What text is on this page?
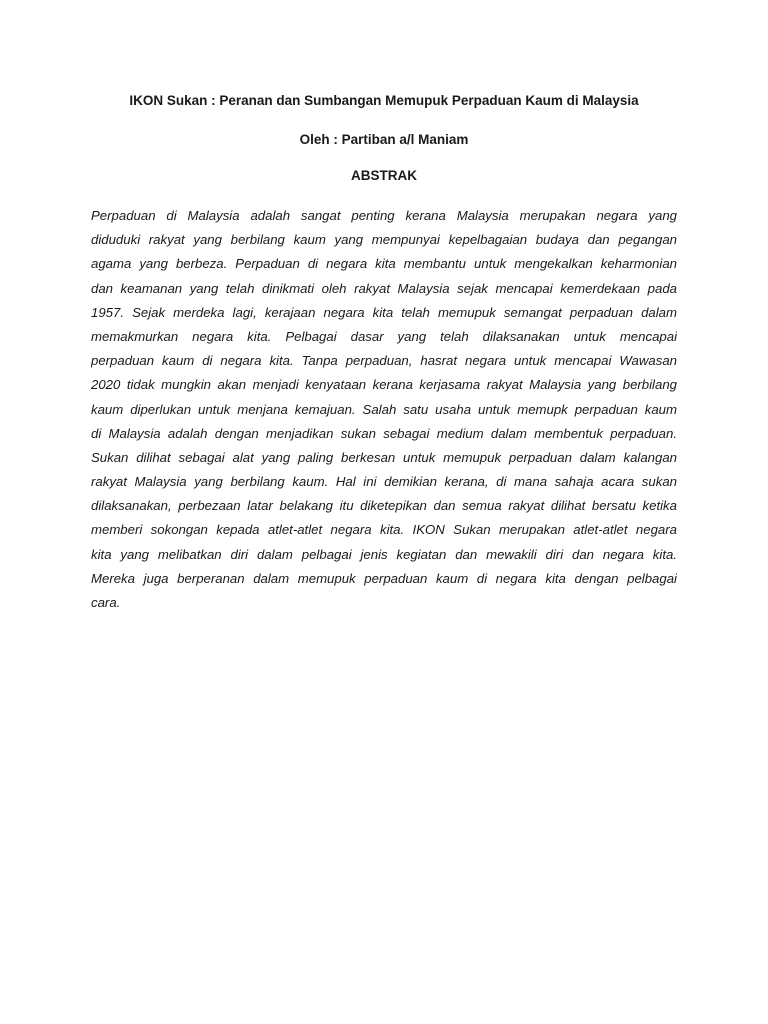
IKON Sukan : Peranan dan Sumbangan Memupuk Perpaduan Kaum di Malaysia

Oleh : Partiban a/l Maniam

ABSTRAK

Perpaduan di Malaysia adalah sangat penting kerana Malaysia merupakan negara yang
diduduki rakyat yang berbilang kaum yang mempunyai kepelbagaian budaya dan pegangan
agama yang berbeza. Perpaduan di negara kita membantu untuk mengekalkan keharmonian
dan keamanan yang telah dinikmati oleh rakyat Malaysia sejak mencapai kemerdekaan pada
1957. Sejak merdeka lagi, kerajaan negara kita telah memupuk semangat perpaduan dalam
memakmurkan negara kita. Pelbagai dasar yang telah dilaksanakan untuk mencapai
perpaduan kaum di negara kita. Tanpa perpaduan, hasrat negara untuk mencapai Wawasan
2020 tidak mungkin akan menjadi kenyataan kerana kerjasama rakyat Malaysia yang berbilang
kaum diperlukan untuk menjana kemajuan. Salah satu usaha untuk memupk perpaduan kaum
di Malaysia adalah dengan menjadikan sukan sebagai medium dalam membentuk perpaduan.
Sukan dilihat sebagai alat yang paling berkesan untuk memupuk perpaduan dalam kalangan
rakyat Malaysia yang berbilang kaum. Hal ini demikian kerana, di mana sahaja acara sukan
dilaksanakan, perbezaan latar belakang itu diketepikan dan semua rakyat dilihat bersatu ketika
memberi sokongan kepada atlet-atlet negara kita. IKON Sukan merupakan atlet-atlet negara
kita yang melibatkan diri dalam pelbagai jenis kegiatan dan mewakili diri dan negara kita.
Mereka juga berperanan dalam memupuk perpaduan kaum di negara kita dengan pelbagai
cara.
